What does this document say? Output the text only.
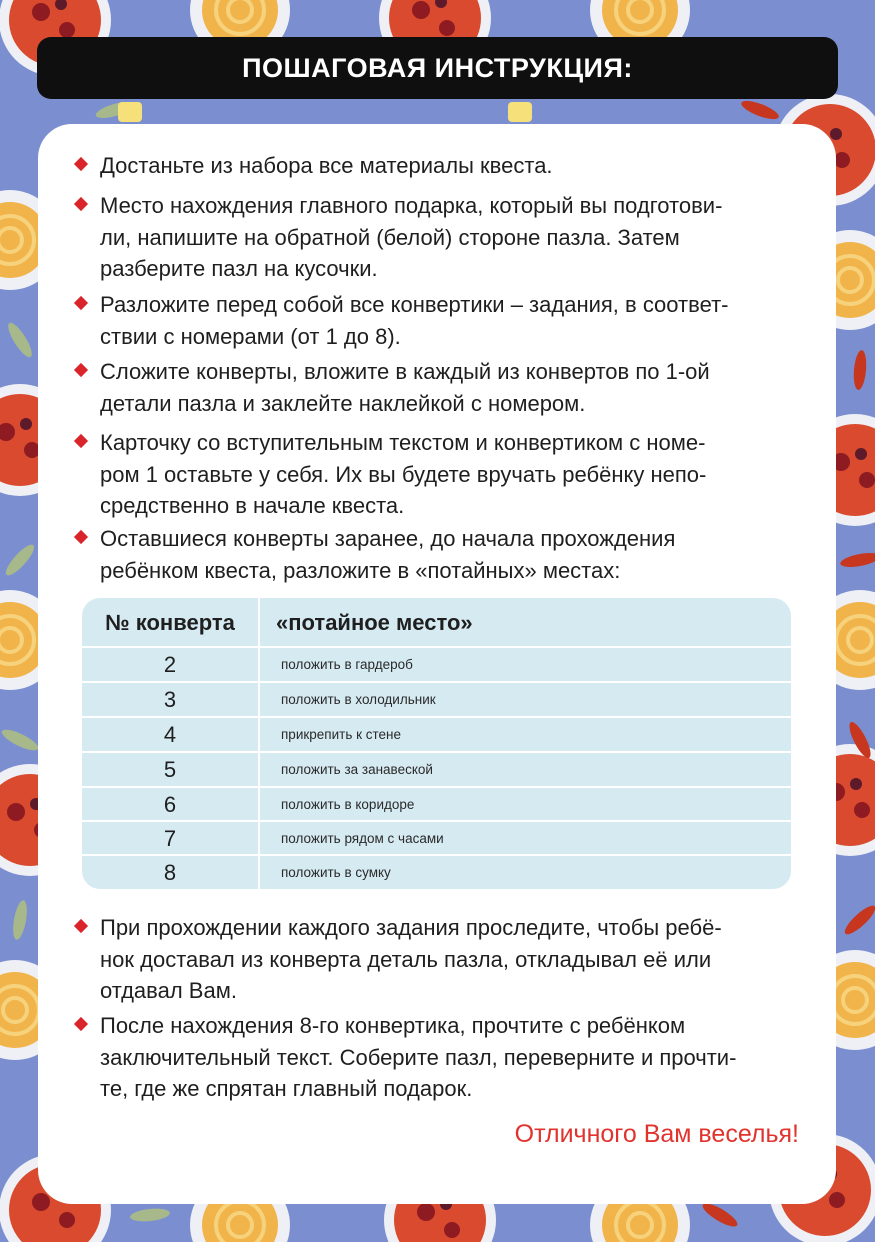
ПОШАГОВАЯ ИНСТРУКЦИЯ:
Достаньте из набора все материалы квеста.
Место нахождения главного подарка, который вы подготови-
ли, напишите на обратной (белой) стороне пазла. Затем
разберите пазл на кусочки.
Разложите перед собой все конвертики – задания, в соответ-
ствии с номерами (от 1 до 8).
Сложите конверты, вложите в каждый из конвертов по 1-ой
детали пазла и заклейте наклейкой с номером.
Карточку со вступительным текстом и конвертиком с номе-
ром 1 оставьте у себя. Их вы будете вручать ребёнку непо-
средственно в начале квеста.
Оставшиеся конверты заранее, до начала прохождения
ребёнком квеста, разложите в «потайных» местах:
№ конверта	«потайное место»
2	положить в гардероб
3	положить в холодильник
4	прикрепить к стене
5	положить за занавеской
6	положить в коридоре
7	положить рядом с часами
8	положить в сумку
При прохождении каждого задания проследите, чтобы ребё-
нок доставал из конверта деталь пазла, откладывал её или
отдавал Вам.
После нахождения 8-го конвертика, прочтите с ребёнком
заключительный текст. Соберите пазл, переверните и прочти-
те, где же спрятан главный подарок.
Отличного Вам веселья!
